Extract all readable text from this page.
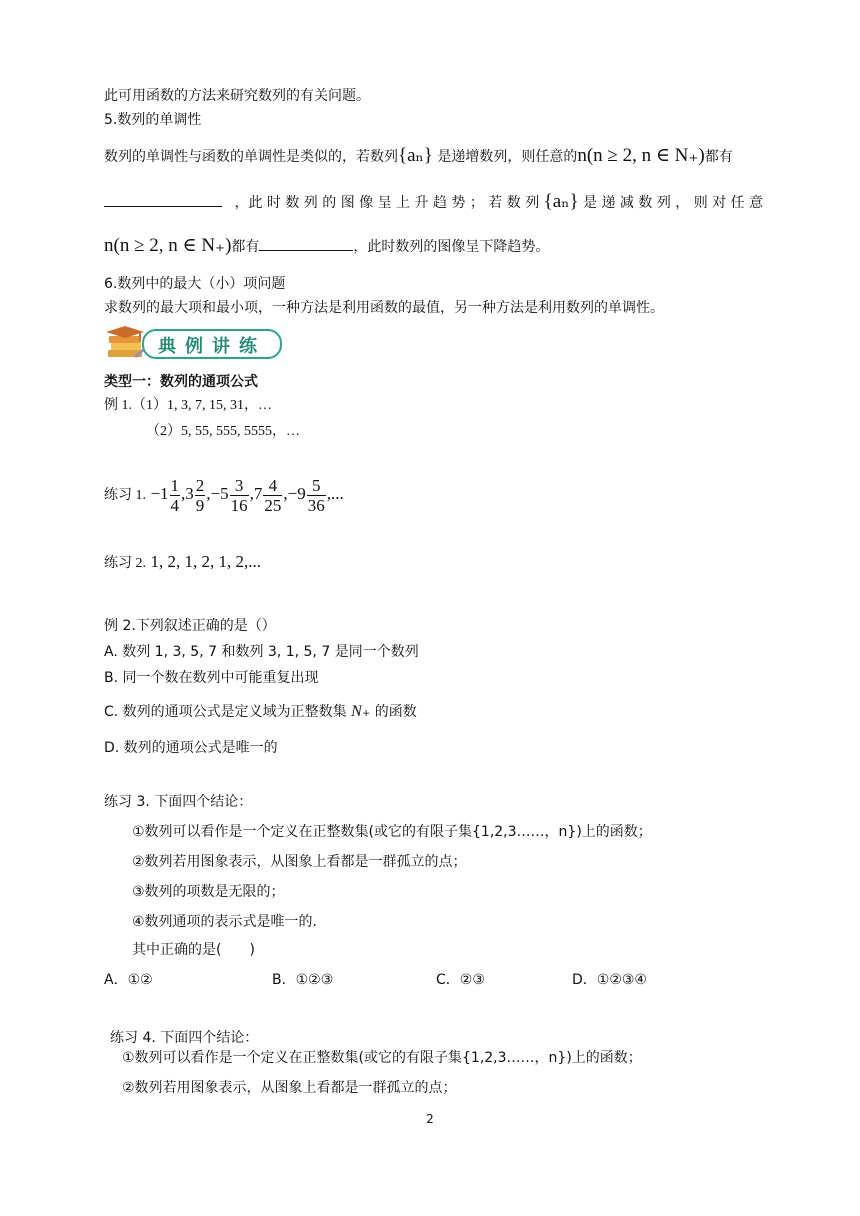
此可用函数的方法来研究数列的有关问题。
5.数列的单调性
数列的单调性与函数的单调性是类似的，若数列{aₙ} 是递增数列，则任意的n(n ≥ 2, n ∈ N₊)都有
，此 时 数 列 的 图 像 呈 上 升 趋 势 ； 若 数 列 {aₙ} 是 递 减 数 列 ， 则 对 任 意
n(n ≥ 2, n ∈ N₊)都有	，此时数列的图像呈下降趋势。
6.数列中的最大（小）项问题
求数列的最大项和最小项，一种方法是利用函数的最值，另一种方法是利用数列的单调性。
典例讲练
类型一：数列的通项公式
例 1.（1）1, 3, 7, 15, 31，…
（2）5, 55, 555, 5555，…
练习 1. $-1 \frac{1}{4} ,3 \frac{2}{9} ,-5 \frac{3}{16} ,7 \frac{4}{25} ,-9 \frac{5}{36}$ ,...
练习 2. 1, 2, 1, 2, 1, 2,...
例 2.下列叙述正确的是（）
A. 数列 1, 3, 5, 7 和数列 3, 1, 5, 7 是同一个数列
B. 同一个数在数列中可能重复出现
C. 数列的通项公式是定义域为正整数集 N₊ 的函数
D. 数列的通项公式是唯一的
练习 3. 下面四个结论：
①数列可以看作是一个定义在正整数集(或它的有限子集{1,2,3……，n})上的函数；
②数列若用图象表示，从图象上看都是一群孤立的点；
③数列的项数是无限的；
④数列通项的表示式是唯一的.
其中正确的是(　　)
A．①②	B．①②③	C．②③	D．①②③④
练习 4. 下面四个结论：
①数列可以看作是一个定义在正整数集(或它的有限子集{1,2,3……，n})上的函数；
②数列若用图象表示，从图象上看都是一群孤立的点；
2
